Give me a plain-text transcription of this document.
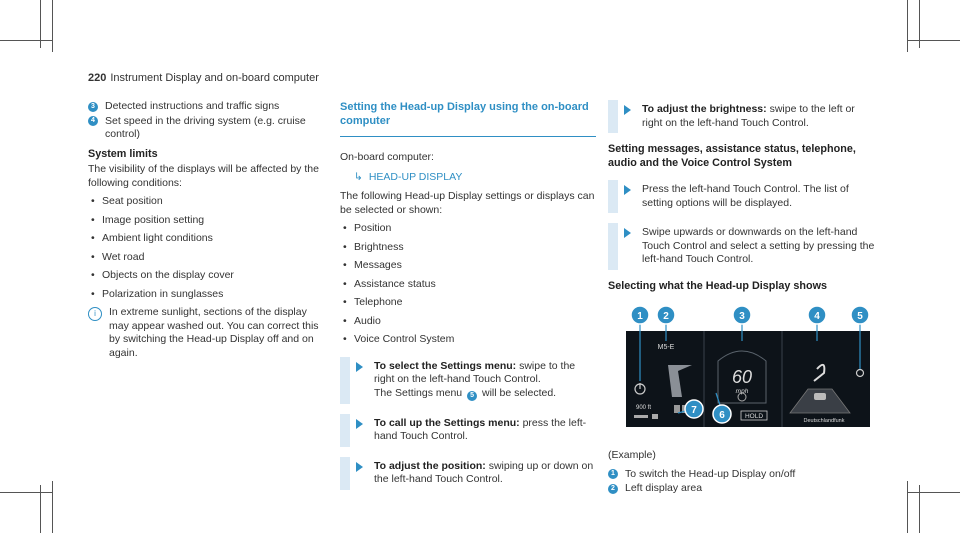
220 Instrument Display and on-board computer
3 Detected instructions and traffic signs
4 Set speed in the driving system (e.g. cruise control)
System limits

The visibility of the displays will be affected by the following conditions:

• Seat position
• Image position setting
• Ambient light conditions
• Wet road
• Objects on the display cover
• Polarization in sunglasses
i	In extreme sunlight, sections of the display may appear washed out. You can correct this by switching the Head-up Display off and on again.
Setting the Head-up Display using the on-board computer

On-board computer:

↳ HEAD-UP DISPLAY

The following Head-up Display settings or displays can be selected or shown:

• Position
• Brightness
• Messages
• Assistance status
• Telephone
• Audio
• Voice Control System
To select the Settings menu: swipe to the right on the left-hand Touch Control.
The Settings menu 5 will be selected.
To call up the Settings menu: press the left-hand Touch Control.
To adjust the position: swiping up or down on the left-hand Touch Control.
To adjust the brightness: swipe to the left or right on the left-hand Touch Control.
Setting messages, assistance status, telephone, audio and the Voice Control System
Press the left-hand Touch Control. The list of setting options will be displayed.
Swipe upwards or downwards on the left-hand Touch Control and select a setting by pressing the left-hand Touch Control.
Selecting what the Head-up Display shows
1 2	3	4	5
6
7
M5-E
900 ft
60
mph
HOLD
Deutschlandfunk

(Example)

1 To switch the Head-up Display on/off
2 Left display area
